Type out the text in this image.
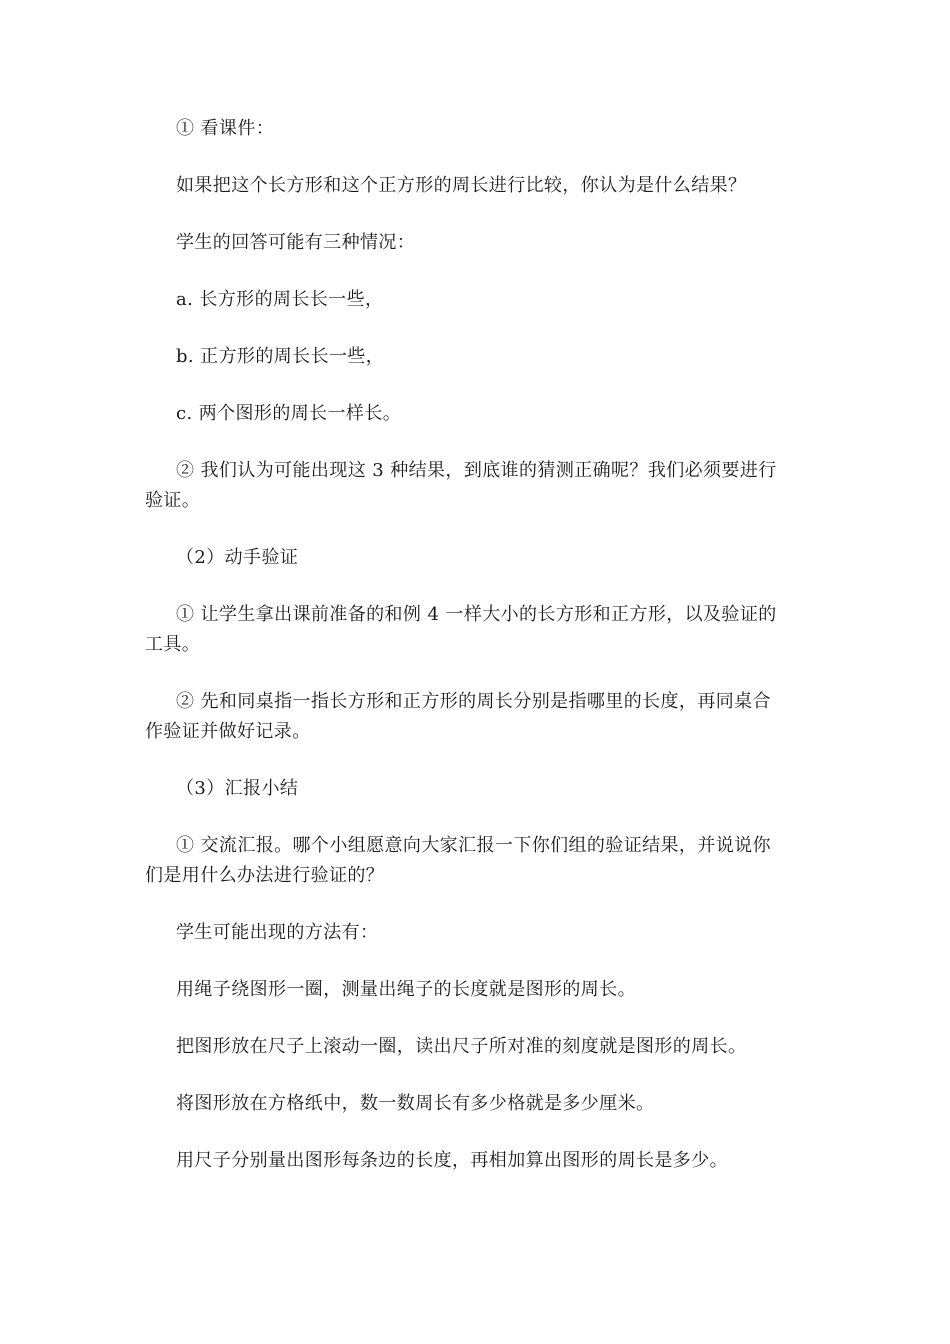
① 看课件：
如果把这个长方形和这个正方形的周长进行比较，你认为是什么结果？
学生的回答可能有三种情况：
a. 长方形的周长长一些，
b. 正方形的周长长一些，
c. 两个图形的周长一样长。
② 我们认为可能出现这 3 种结果，到底谁的猜测正确呢？我们必须要进行
验证。
（2）动手验证
① 让学生拿出课前准备的和例 4 一样大小的长方形和正方形，以及验证的
工具。
② 先和同桌指一指长方形和正方形的周长分别是指哪里的长度，再同桌合
作验证并做好记录。
（3）汇报小结
① 交流汇报。哪个小组愿意向大家汇报一下你们组的验证结果，并说说你
们是用什么办法进行验证的？
学生可能出现的方法有：
用绳子绕图形一圈，测量出绳子的长度就是图形的周长。
把图形放在尺子上滚动一圈，读出尺子所对准的刻度就是图形的周长。
将图形放在方格纸中，数一数周长有多少格就是多少厘米。
用尺子分别量出图形每条边的长度，再相加算出图形的周长是多少。
